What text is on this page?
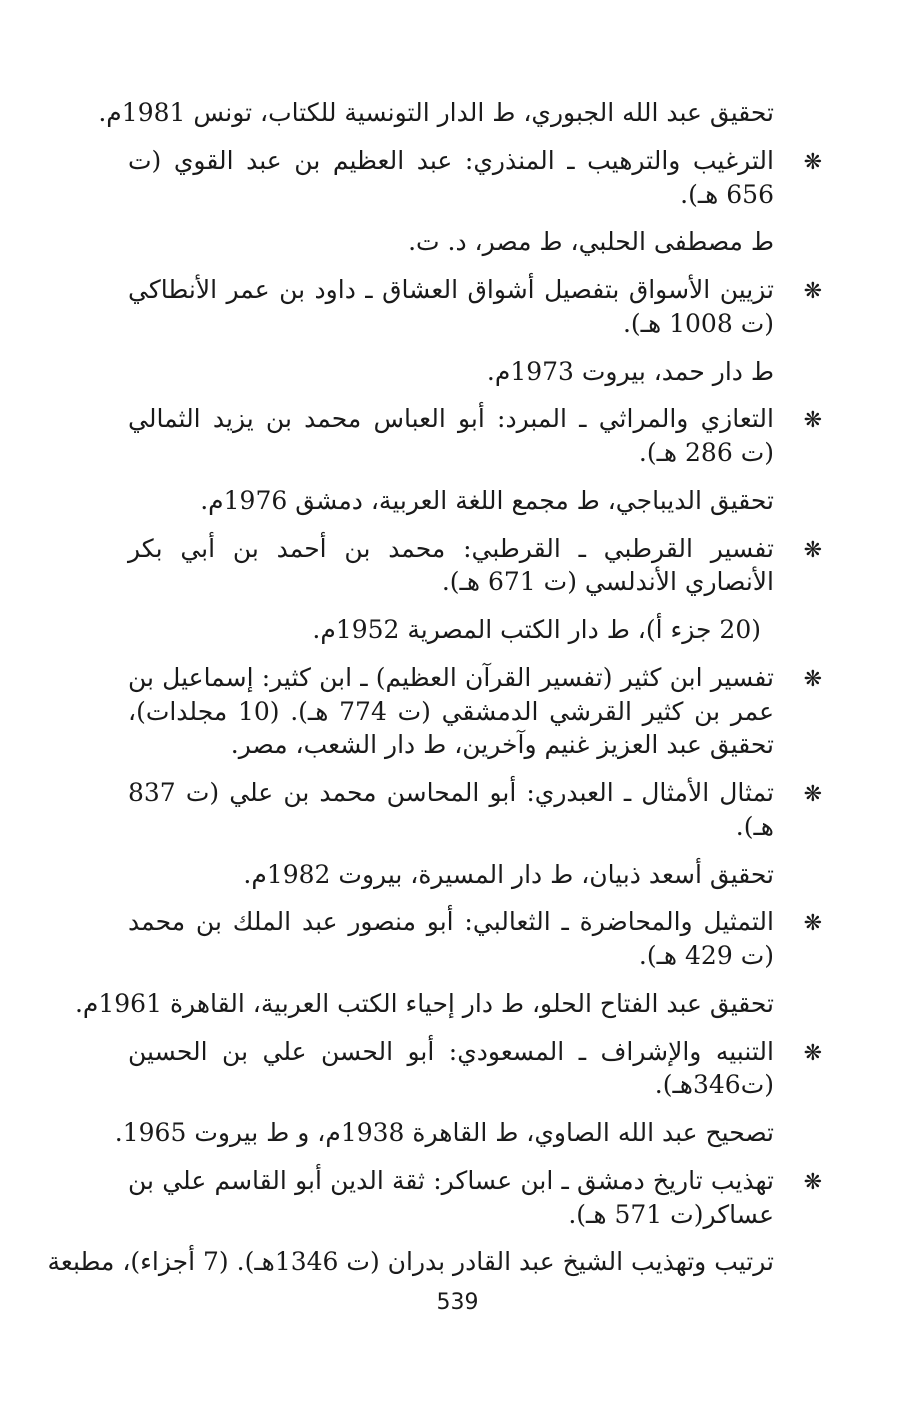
تحقيق عبد الله الجبوري، ط الدار التونسية للكتاب، تونس 1981م.
❋
الترغيب والترهيب ـ المنذري: عبد العظيم بن عبد القوي (ت 656 هـ).
ط مصطفى الحلبي، ط مصر، د. ت.
❋
تزيين الأسواق بتفصيل أشواق العشاق ـ داود بن عمر الأنطاكي (ت 1008 هـ).
ط دار حمد، بيروت 1973م.
❋
التعازي والمراثي ـ المبرد: أبو العباس محمد بن يزيد الثمالي (ت 286 هـ).
تحقيق الديباجي، ط مجمع اللغة العربية، دمشق 1976م.
❋
تفسير القرطبي ـ القرطبي: محمد بن أحمد بن أبي بكر الأنصاري الأندلسي (ت 671 هـ).
(20 جزء أ)، ط دار الكتب المصرية 1952م.
❋
تفسير ابن كثير (تفسير القرآن العظيم) ـ ابن كثير: إسماعيل بن عمر بن كثير القرشي الدمشقي (ت 774 هـ). (10 مجلدات)، تحقيق عبد العزيز غنيم وآخرين، ط دار الشعب، مصر.
❋
تمثال الأمثال ـ العبدري: أبو المحاسن محمد بن علي (ت 837 هـ).
تحقيق أسعد ذبيان، ط دار المسيرة، بيروت 1982م.
❋
التمثيل والمحاضرة ـ الثعالبي: أبو منصور عبد الملك بن محمد (ت 429 هـ).
تحقيق عبد الفتاح الحلو، ط دار إحياء الكتب العربية، القاهرة 1961م.
❋
التنبيه والإشراف ـ المسعودي: أبو الحسن علي بن الحسين (ت346هـ).
تصحيح عبد الله الصاوي، ط القاهرة 1938م، و ط بيروت 1965.
❋
تهذيب تاريخ دمشق ـ ابن عساكر: ثقة الدين أبو القاسم علي بن عساكر(ت 571 هـ).
ترتيب وتهذيب الشيخ عبد القادر بدران (ت 1346هـ). (7 أجزاء)، مطبعة
539
